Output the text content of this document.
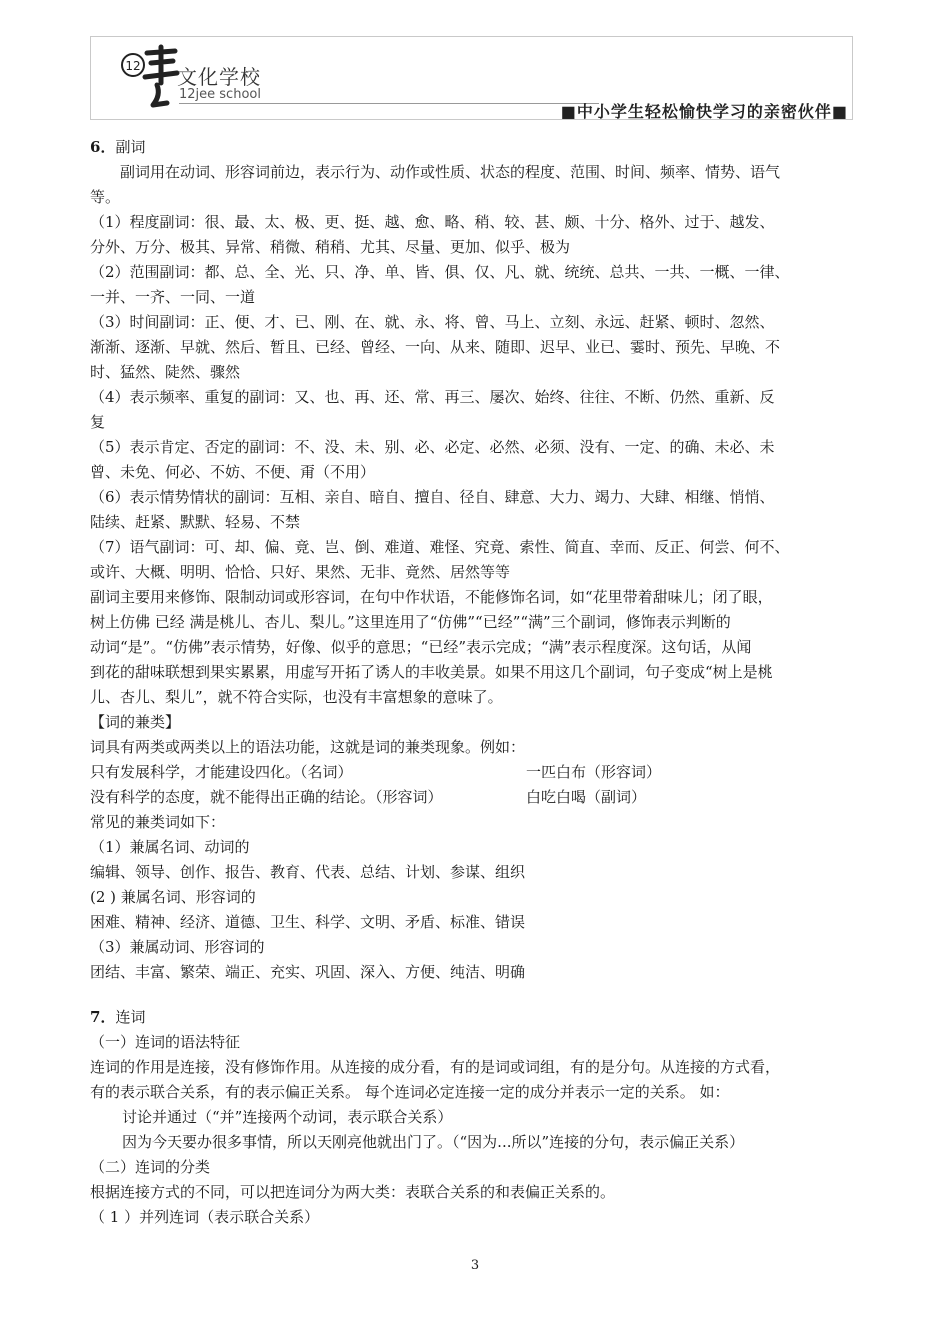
12 文化学校
12jee school
■中小学生轻松愉快学习的亲密伙伴■
6．副词
副词用在动词、形容词前边，表示行为、动作或性质、状态的程度、范围、时间、频率、情势、语气
等。
（1）程度副词：很、最、太、极、更、挺、越、愈、略、稍、较、甚、颇、十分、格外、过于、越发、
分外、万分、极其、异常、稍微、稍稍、尤其、尽量、更加、似乎、极为
（2）范围副词：都、总、全、光、只、净、单、皆、俱、仅、凡、就、统统、总共、一共、一概、一律、
一并、一齐、一同、一道
（3）时间副词：正、便、才、已、刚、在、就、永、将、曾、马上、立刻、永远、赶紧、顿时、忽然、
渐渐、逐渐、早就、然后、暂且、已经、曾经、一向、从来、随即、迟早、业已、霎时、预先、早晚、不
时、猛然、陡然、骤然
（4）表示频率、重复的副词：又、也、再、还、常、再三、屡次、始终、往往、不断、仍然、重新、反
复
（5）表示肯定、否定的副词：不、没、未、别、必、必定、必然、必须、没有、一定、的确、未必、未
曾、未免、何必、不妨、不便、甭（不用）
（6）表示情势情状的副词：互相、亲自、暗自、擅自、径自、肆意、大力、竭力、大肆、相继、悄悄、
陆续、赶紧、默默、轻易、不禁
（7）语气副词：可、却、偏、竟、岂、倒、难道、难怪、究竟、索性、简直、幸而、反正、何尝、何不、
或许、大概、明明、恰恰、只好、果然、无非、竟然、居然等等
副词主要用来修饰、限制动词或形容词，在句中作状语，不能修饰名词，如“花里带着甜味儿；闭了眼，
树上仿佛 已经 满是桃儿、杏儿、梨儿。”这里连用了“仿佛”“已经”“满”三个副词，修饰表示判断的
动词“是”。“仿佛”表示情势，好像、似乎的意思；“已经”表示完成；“满”表示程度深。这句话，从闻
到花的甜味联想到果实累累，用虚写开拓了诱人的丰收美景。如果不用这几个副词，句子变成“树上是桃
儿、杏儿、梨儿”，就不符合实际，也没有丰富想象的意味了。
【词的兼类】
词具有两类或两类以上的语法功能，这就是词的兼类现象。例如：
只有发展科学，才能建设四化。（名词）	一匹白布（形容词）
没有科学的态度，就不能得出正确的结论。（形容词）	白吃白喝（副词）
常见的兼类词如下：
（1）兼属名词、动词的
编辑、领导、创作、报告、教育、代表、总结、计划、参谋、组织
(2 ) 兼属名词、形容词的
困难、精神、经济、道德、卫生、科学、文明、矛盾、标准、错误
（3）兼属动词、形容词的
团结、丰富、繁荣、端正、充实、巩固、深入、方便、纯洁、明确
7．连词
（一）连词的语法特征
连词的作用是连接，没有修饰作用。从连接的成分看，有的是词或词组，有的是分句。从连接的方式看，
有的表示联合关系，有的表示偏正关系。 每个连词必定连接一定的成分并表示一定的关系。 如：
讨论并通过（“并”连接两个动词，表示联合关系）
因为今天要办很多事情，所以天刚亮他就出门了。（“因为...所以”连接的分句，表示偏正关系）
（二）连词的分类
根据连接方式的不同，可以把连词分为两大类：表联合关系的和表偏正关系的。
（ 1 ）并列连词（表示联合关系）
3
